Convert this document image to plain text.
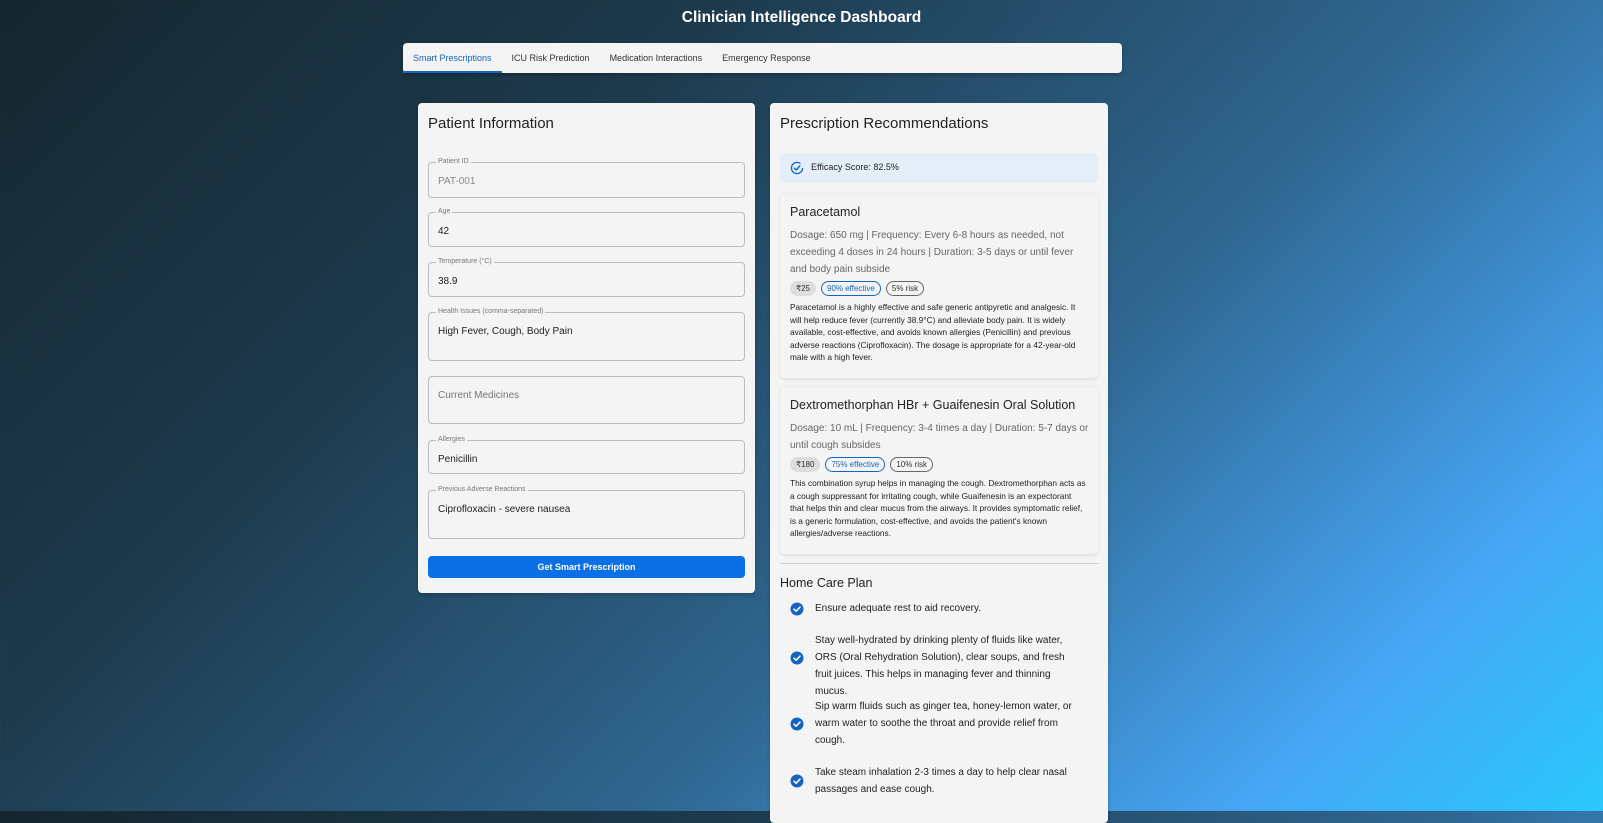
Clinician Intelligence Dashboard
Smart Prescriptions	ICU Risk Prediction	Medication Interactions	Emergency Response
Patient Information
Patient ID
PAT-001
Age
42
Temperature (°C)
38.9
Health Issues (comma-separated)
High Fever, Cough, Body Pain
Current Medicines
Allergies
Penicillin
Previous Adverse Reactions
Ciprofloxacin - severe nausea
Get Smart Prescription
Prescription Recommendations
Efficacy Score: 82.5%
Paracetamol
Dosage: 650 mg | Frequency: Every 6-8 hours as needed, not exceeding 4 doses in 24 hours | Duration: 3-5 days or until fever and body pain subside
₹25	90% effective	5% risk
Paracetamol is a highly effective and safe generic antipyretic and analgesic. It will help reduce fever (currently 38.9°C) and alleviate body pain. It is widely available, cost-effective, and avoids known allergies (Penicillin) and previous adverse reactions (Ciprofloxacin). The dosage is appropriate for a 42-year-old male with a high fever.
Dextromethorphan HBr + Guaifenesin Oral Solution
Dosage: 10 mL | Frequency: 3-4 times a day | Duration: 5-7 days or until cough subsides
₹180	75% effective	10% risk
This combination syrup helps in managing the cough. Dextromethorphan acts as a cough suppressant for irritating cough, while Guaifenesin is an expectorant that helps thin and clear mucus from the airways. It provides symptomatic relief, is a generic formulation, cost-effective, and avoids the patient's known allergies/adverse reactions.
Home Care Plan
Ensure adequate rest to aid recovery.
Stay well-hydrated by drinking plenty of fluids like water, ORS (Oral Rehydration Solution), clear soups, and fresh fruit juices. This helps in managing fever and thinning mucus.
Sip warm fluids such as ginger tea, honey-lemon water, or warm water to soothe the throat and provide relief from cough.
Take steam inhalation 2-3 times a day to help clear nasal passages and ease cough.
